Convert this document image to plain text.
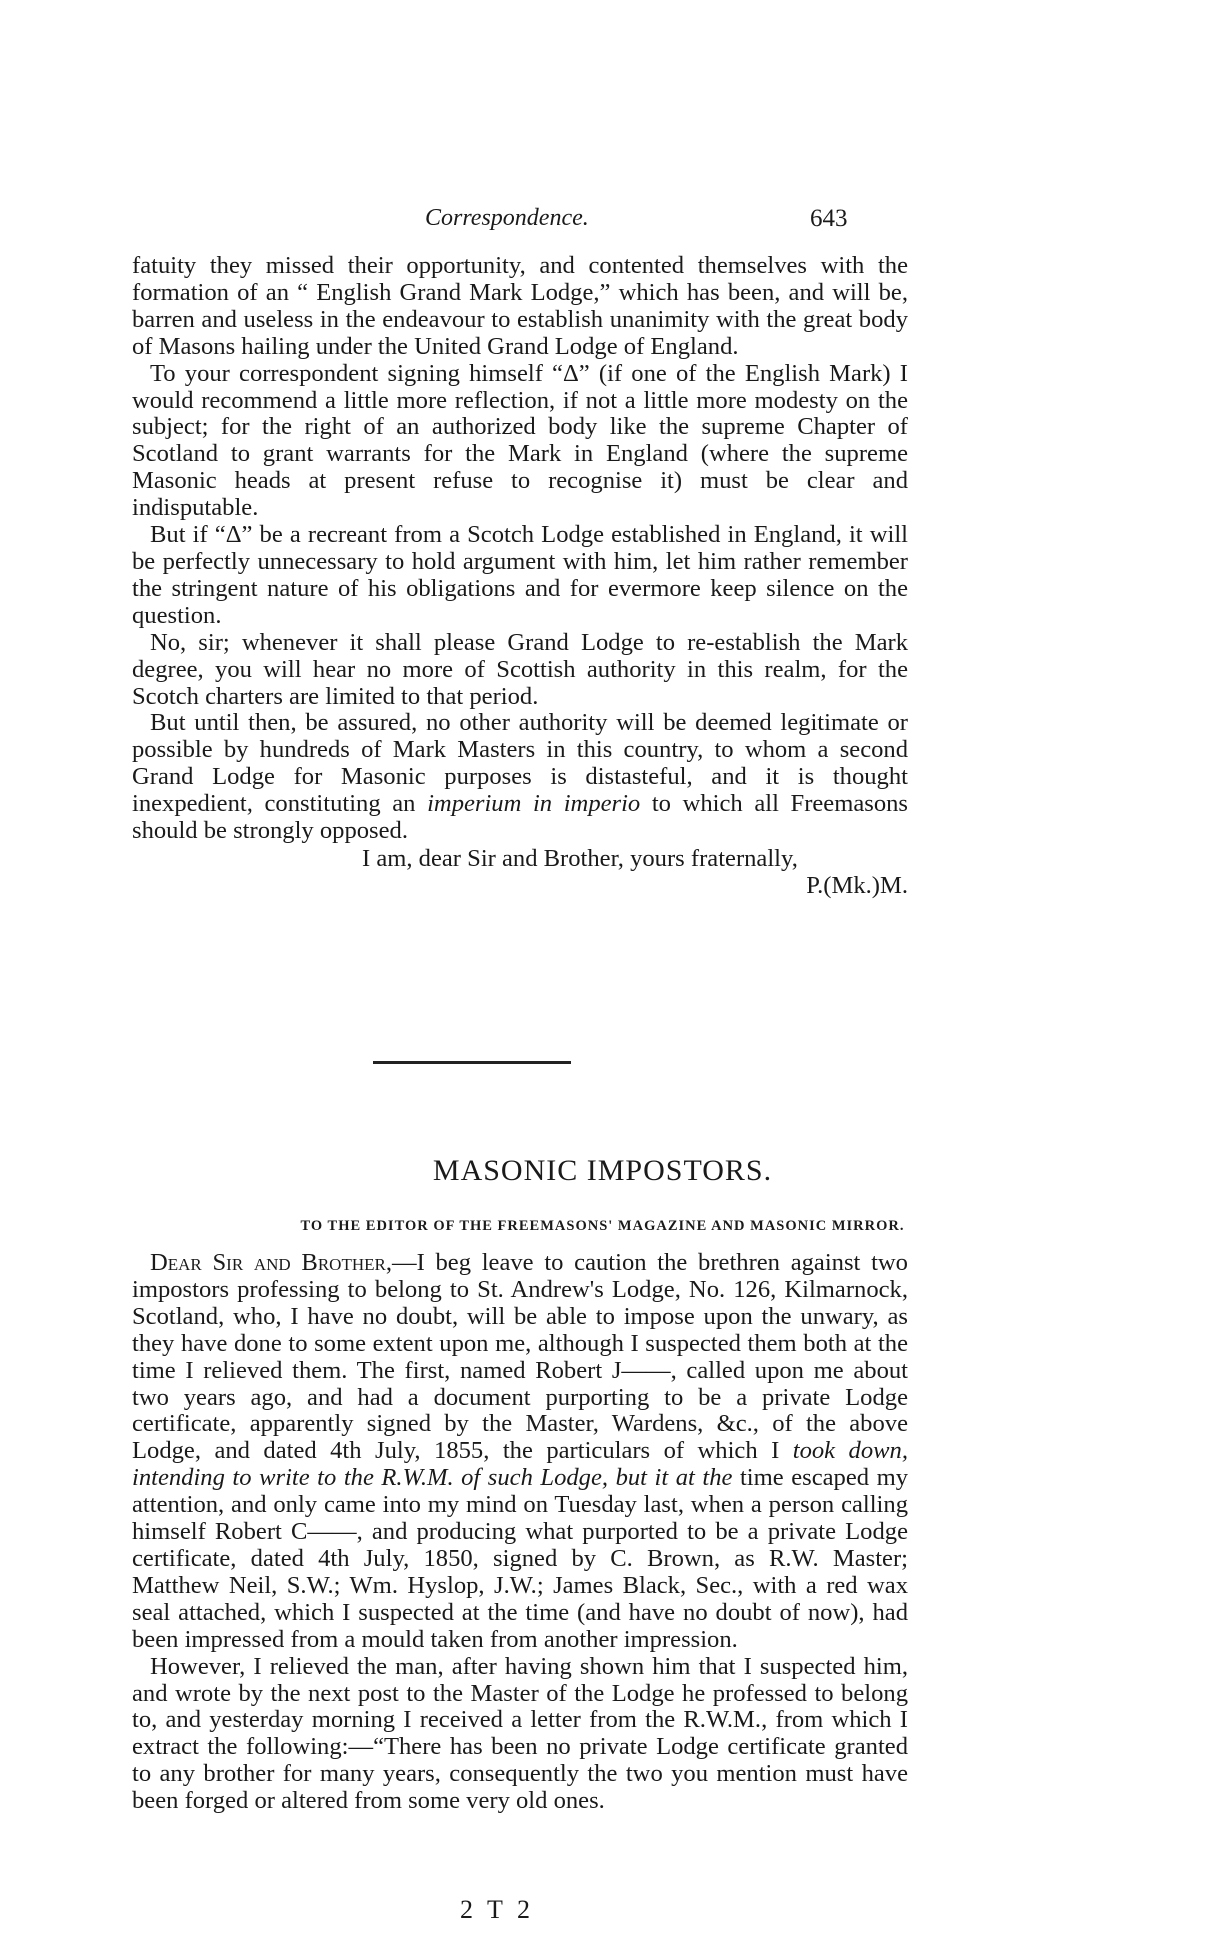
Correspondence.	643

fatuity they missed their opportunity, and contented themselves with the formation of an “ English Grand Mark Lodge,” which has been, and will be, barren and useless in the endeavour to establish unanimity with the great body of Masons hailing under the United Grand Lodge of England.

To your correspondent signing himself “Δ” (if one of the English Mark) I would recommend a little more reflection, if not a little more modesty on the subject; for the right of an authorized body like the supreme Chapter of Scotland to grant warrants for the Mark in England (where the supreme Masonic heads at present refuse to recognise it) must be clear and indisputable.

But if “Δ” be a recreant from a Scotch Lodge established in England, it will be perfectly unnecessary to hold argument with him, let him rather remember the stringent nature of his obligations and for evermore keep silence on the question.

No, sir; whenever it shall please Grand Lodge to re-establish the Mark degree, you will hear no more of Scottish authority in this realm, for the Scotch charters are limited to that period.

But until then, be assured, no other authority will be deemed legitimate or possible by hundreds of Mark Masters in this country, to whom a second Grand Lodge for Masonic purposes is distasteful, and it is thought inexpedient, constituting an imperium in imperio to which all Freemasons should be strongly opposed.

I am, dear Sir and Brother, yours fraternally,
P.(Mk.)M.
MASONIC IMPOSTORS.
TO THE EDITOR OF THE FREEMASONS' MAGAZINE AND MASONIC MIRROR.

Dear Sir and Brother,—I beg leave to caution the brethren against two impostors professing to belong to St. Andrew's Lodge, No. 126, Kilmarnock, Scotland, who, I have no doubt, will be able to impose upon the unwary, as they have done to some extent upon me, although I suspected them both at the time I relieved them. The first, named Robert J——, called upon me about two years ago, and had a document purporting to be a private Lodge certificate, apparently signed by the Master, Wardens, &c., of the above Lodge, and dated 4th July, 1855, the particulars of which I took down, intending to write to the R.W.M. of such Lodge, but it at the time escaped my attention, and only came into my mind on Tuesday last, when a person calling himself Robert C——, and producing what purported to be a private Lodge certificate, dated 4th July, 1850, signed by C. Brown, as R.W. Master; Matthew Neil, S.W.; Wm. Hyslop, J.W.; James Black, Sec., with a red wax seal attached, which I suspected at the time (and have no doubt of now), had been impressed from a mould taken from another impression.

However, I relieved the man, after having shown him that I suspected him, and wrote by the next post to the Master of the Lodge he professed to belong to, and yesterday morning I received a letter from the R.W.M., from which I extract the following:—“There has been no private Lodge certificate granted to any brother for many years, consequently the two you mention must have been forged or altered from some very old ones.

2 T 2
